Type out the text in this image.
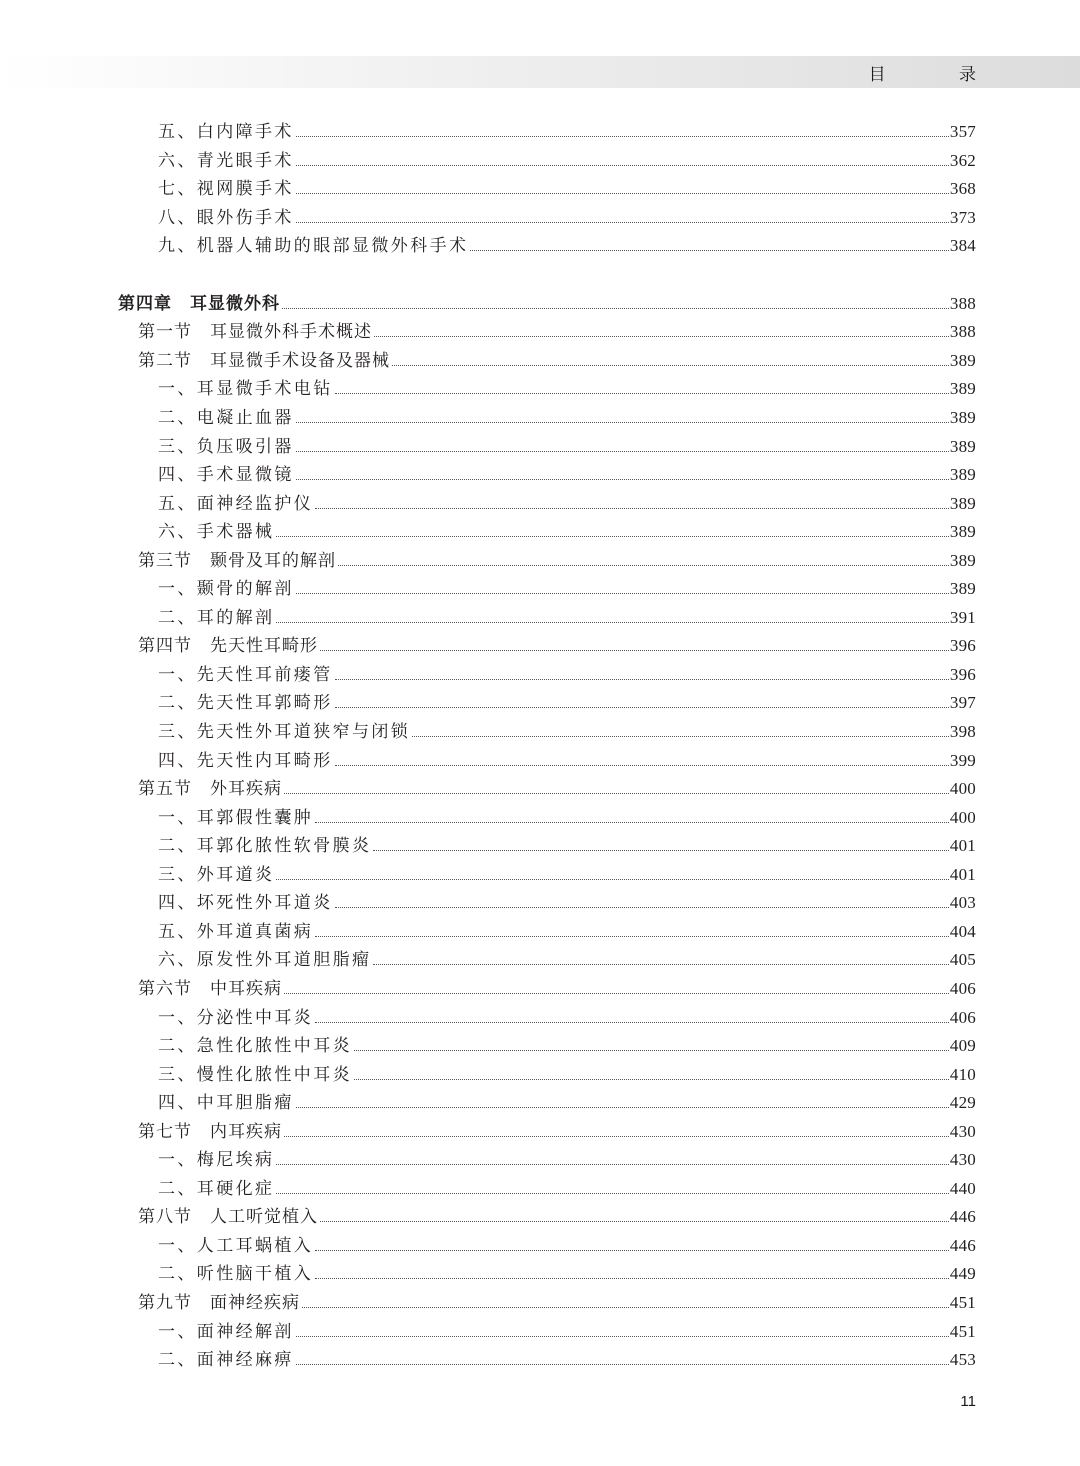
目 录
五、白内障手术	357
六、青光眼手术	362
七、视网膜手术	368
八、眼外伤手术	373
九、机器人辅助的眼部显微外科手术	384
第四章 耳显微外科	388
第一节 耳显微外科手术概述	388
第二节 耳显微手术设备及器械	389
一、耳显微手术电钻	389
二、电凝止血器	389
三、负压吸引器	389
四、手术显微镜	389
五、面神经监护仪	389
六、手术器械	389
第三节 颞骨及耳的解剖	389
一、颞骨的解剖	389
二、耳的解剖	391
第四节 先天性耳畸形	396
一、先天性耳前瘘管	396
二、先天性耳郭畸形	397
三、先天性外耳道狭窄与闭锁	398
四、先天性内耳畸形	399
第五节 外耳疾病	400
一、耳郭假性囊肿	400
二、耳郭化脓性软骨膜炎	401
三、外耳道炎	401
四、坏死性外耳道炎	403
五、外耳道真菌病	404
六、原发性外耳道胆脂瘤	405
第六节 中耳疾病	406
一、分泌性中耳炎	406
二、急性化脓性中耳炎	409
三、慢性化脓性中耳炎	410
四、中耳胆脂瘤	429
第七节 内耳疾病	430
一、梅尼埃病	430
二、耳硬化症	440
第八节 人工听觉植入	446
一、人工耳蜗植入	446
二、听性脑干植入	449
第九节 面神经疾病	451
一、面神经解剖	451
二、面神经麻痹	453
11
